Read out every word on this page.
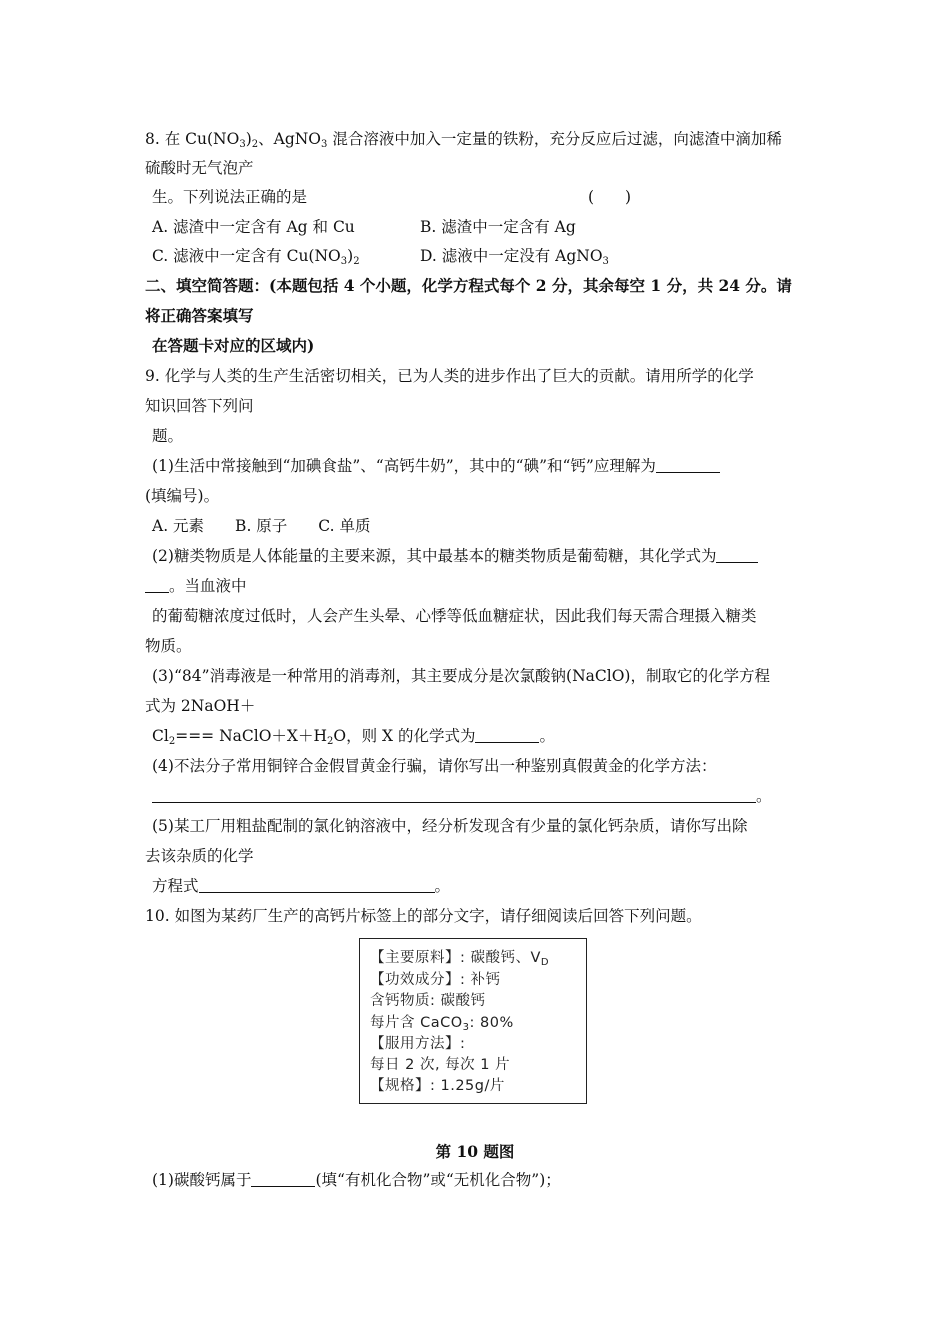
8. 在 $Cu(NO_3)_2$、AgNO$_3$ 混合溶液中加入一定量的铁粉，充分反应后过滤，向滤渣中滴加稀
硫酸时无气泡产
生。下列说法正确的是	(　　)
A. 滤渣中一定含有 Ag 和 Cu	B. 滤渣中一定含有 Ag
C. 滤液中一定含有 $Cu(NO_3)_2$	D. 滤液中一定没有 AgNO$_3$
二、填空简答题：(本题包括 4 个小题，化学方程式每个 2 分，其余每空 1 分，共 24 分。请
将正确答案填写
在答题卡对应的区域内)
9. 化学与人类的生产生活密切相关，已为人类的进步作出了巨大的贡献。请用所学的化学
知识回答下列问
题。
(1)生活中常接触到“加碘食盐”、“高钙牛奶”，其中的“碘”和“钙”应理解为
(填编号)。
A. 元素　　B. 原子　　C. 单质
(2)糖类物质是人体能量的主要来源，其中最基本的糖类物质是葡萄糖，其化学式为
。当血液中
的葡萄糖浓度过低时，人会产生头晕、心悸等低血糖症状，因此我们每天需合理摄入糖类
物质。
(3)“84”消毒液是一种常用的消毒剂，其主要成分是次氯酸钠(NaClO)，制取它的化学方程
式为 2NaOH＋
$Cl_2===$ $NaClO+X+H_2O$，则 X 的化学式为	。
(4)不法分子常用铜锌合金假冒黄金行骗，请你写出一种鉴别真假黄金的化学方法：
。
(5)某工厂用粗盐配制的氯化钠溶液中，经分析发现含有少量的氯化钙杂质，请你写出除
去该杂质的化学
方程式	。
10. 如图为某药厂生产的高钙片标签上的部分文字，请仔细阅读后回答下列问题。
【主要原料】: 碳酸钙、$V_D$
【功效成分】: 补钙
含钙物质: 碳酸钙
每片含 CaCO$_3$: 80%
【服用方法】:
每日 2 次, 每次 1 片
【规格】: 1.25g/片
第 10 题图
(1)碳酸钙属于	(填“有机化合物”或“无机化合物”)；
